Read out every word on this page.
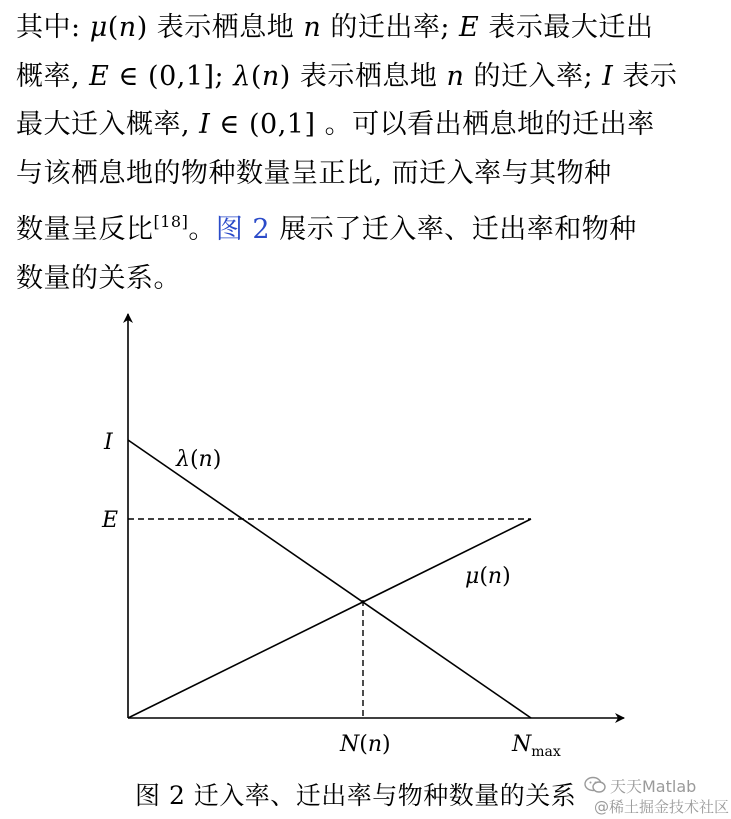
其中: μ(n) 表示栖息地 n 的迁出率; E 表示最大迁出
概率, E ∈ (0,1]; λ(n) 表示栖息地 n 的迁入率; I 表示
最大迁入概率, I ∈ (0,1] 。可以看出栖息地的迁出率
与该栖息地的物种数量呈正比, 而迁入率与其物种
数量呈反比[18]。图 2 展示了迁入率、迁出率和物种
数量的关系。
I
E
λ(n)
μ(n)
N(n)	$N_{max}$
图 2 迁入率、迁出率与物种数量的关系 天天Matlab
@稀土掘金技术社区
